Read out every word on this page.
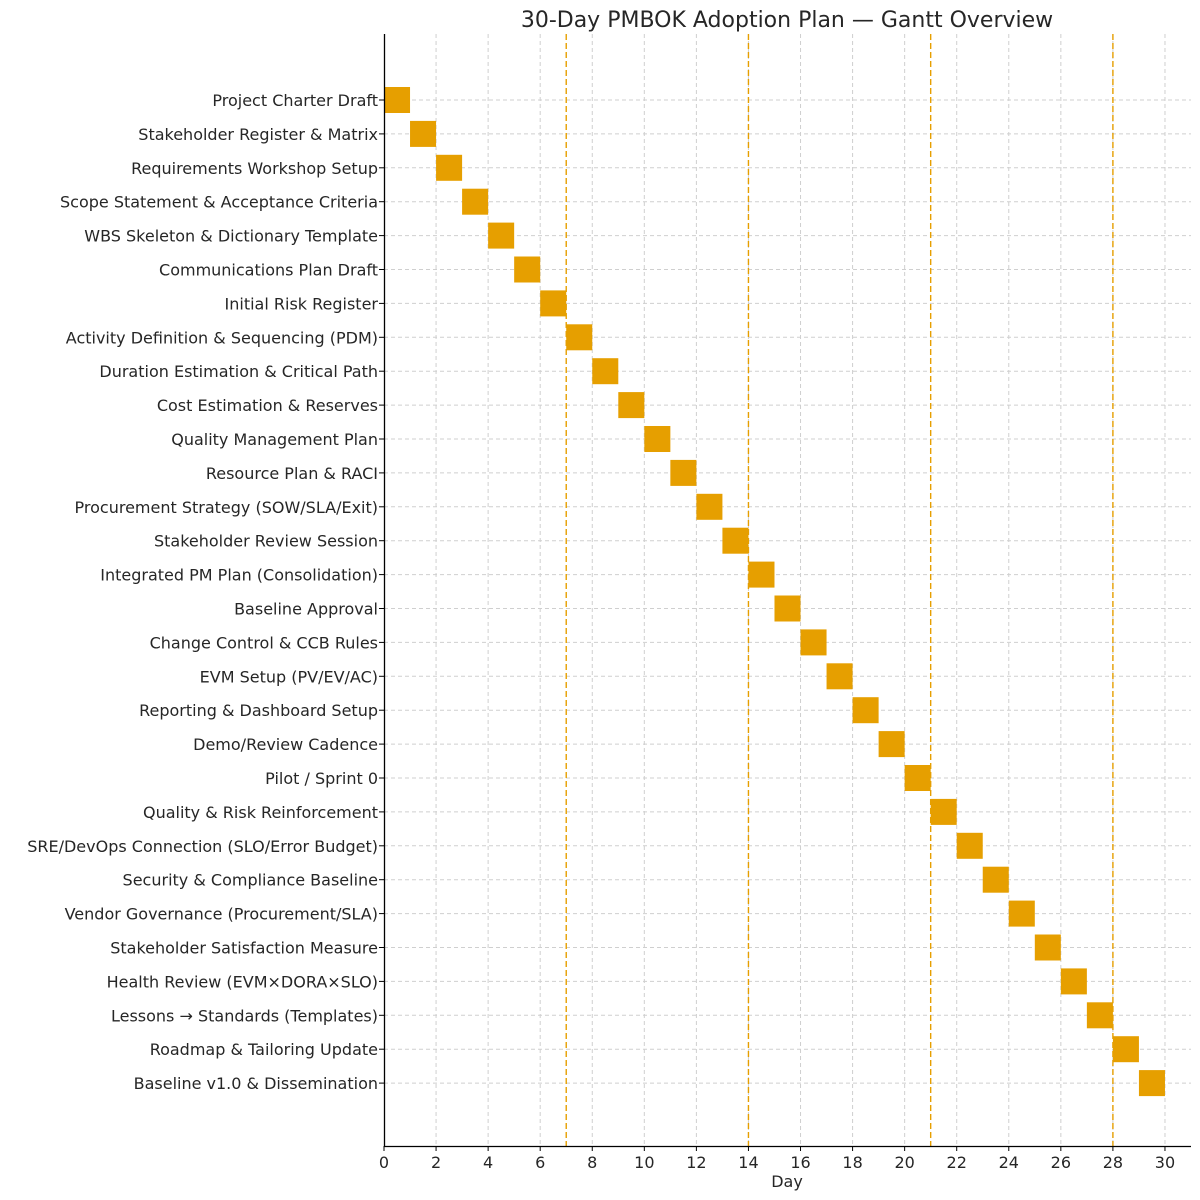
30-Day PMBOK Adoption Plan — Gantt Overview
Project Charter Draft
Stakeholder Register & Matrix
Requirements Workshop Setup
Scope Statement & Acceptance Criteria
WBS Skeleton & Dictionary Template
Communications Plan Draft
Initial Risk Register
Activity Definition & Sequencing (PDM)
Duration Estimation & Critical Path
Cost Estimation & Reserves
Quality Management Plan
Resource Plan & RACI
Procurement Strategy (SOW/SLA/Exit)
Stakeholder Review Session
Integrated PM Plan (Consolidation)
Baseline Approval
Change Control & CCB Rules
EVM Setup (PV/EV/AC)
Reporting & Dashboard Setup
Demo/Review Cadence
Pilot / Sprint 0
Quality & Risk Reinforcement
SRE/DevOps Connection (SLO/Error Budget)
Security & Compliance Baseline
Vendor Governance (Procurement/SLA)
Stakeholder Satisfaction Measure
Health Review (EVM×DORA×SLO)
Lessons → Standards (Templates)
Roadmap & Tailoring Update
Baseline v1.0 & Dissemination
0	2	4	6	8 10 12 14 16 18 20 22 24 26 28 30
Day
